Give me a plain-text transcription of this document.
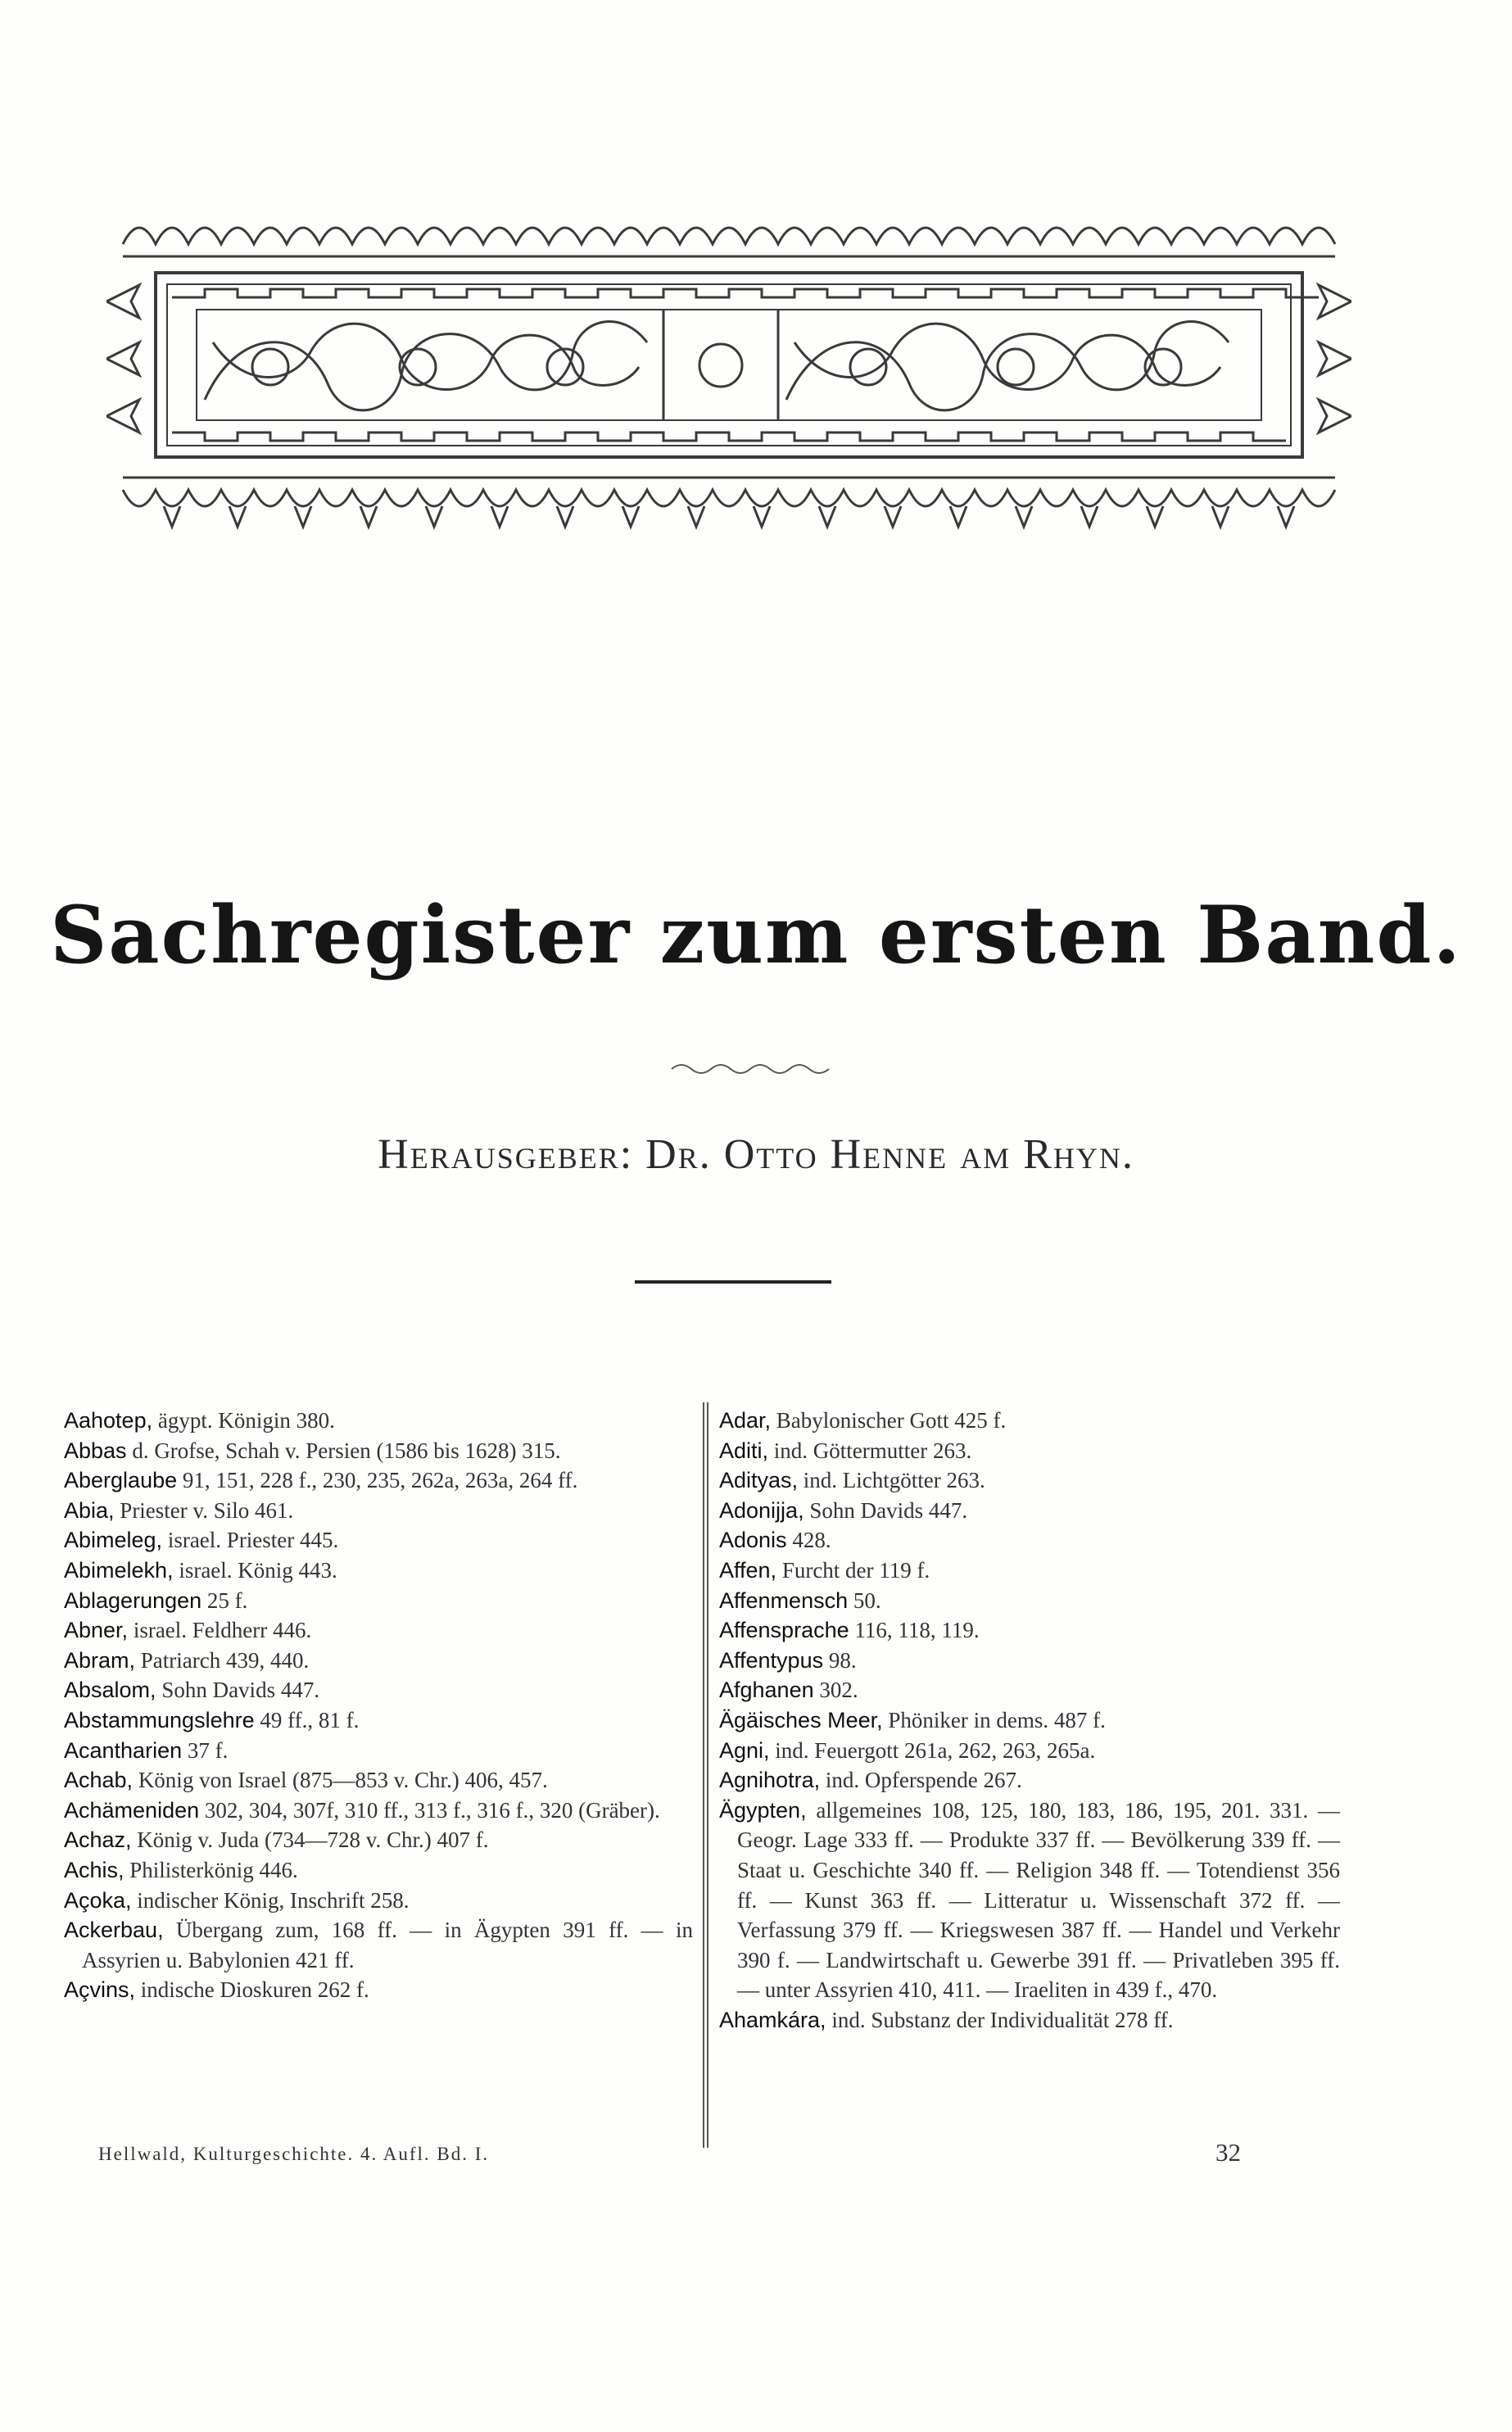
Sachregister zum ersten Band.
Herausgeber: Dr. Otto Henne am Rhyn.

Aahotep, ägypt. Königin 380.

Abbas d. Grofse, Schah v. Persien (1586 bis 1628) 315.

Aberglaube 91, 151, 228 f., 230, 235, 262a, 263a, 264 ff.

Abia, Priester v. Silo 461.

Abimeleg, israel. Priester 445.

Abimelekh, israel. König 443.

Ablagerungen 25 f.

Abner, israel. Feldherr 446.

Abram, Patriarch 439, 440.

Absalom, Sohn Davids 447.

Abstammungslehre 49 ff., 81 f.

Acantharien 37 f.

Achab, König von Israel (875—853 v. Chr.) 406, 457.

Achämeniden 302, 304, 307f, 310 ff., 313 f., 316 f., 320 (Gräber).

Achaz, König v. Juda (734—728 v. Chr.) 407 f.

Achis, Philisterkönig 446.

Açoka, indischer König, Inschrift 258.

Ackerbau, Übergang zum, 168 ff. — in Ägypten 391 ff. — in Assyrien u. Babylonien 421 ff.

Açvins, indische Dioskuren 262 f.

Adar, Babylonischer Gott 425 f.

Aditi, ind. Göttermutter 263.

Adityas, ind. Lichtgötter 263.

Adonijja, Sohn Davids 447.

Adonis 428.

Affen, Furcht der 119 f.

Affenmensch 50.

Affensprache 116, 118, 119.

Affentypus 98.

Afghanen 302.

Ägäisches Meer, Phöniker in dems. 487 f.

Agni, ind. Feuergott 261a, 262, 263, 265a.

Agnihotra, ind. Opferspende 267.

Ägypten, allgemeines 108, 125, 180, 183, 186, 195, 201. 331. — Geogr. Lage 333 ff. — Produkte 337 ff. — Bevölkerung 339 ff. — Staat u. Geschichte 340 ff. — Religion 348 ff. — Totendienst 356 ff. — Kunst 363 ff. — Litteratur u. Wissenschaft 372 ff. — Verfassung 379 ff. — Kriegswesen 387 ff. — Handel und Verkehr 390 f. — Landwirtschaft u. Gewerbe 391 ff. — Privatleben 395 ff. — unter Assyrien 410, 411. — Iraeliten in 439 f., 470.

Ahamkára, ind. Substanz der Individualität 278 ff.

Hellwald, Kulturgeschichte. 4. Aufl. Bd. I.	32
